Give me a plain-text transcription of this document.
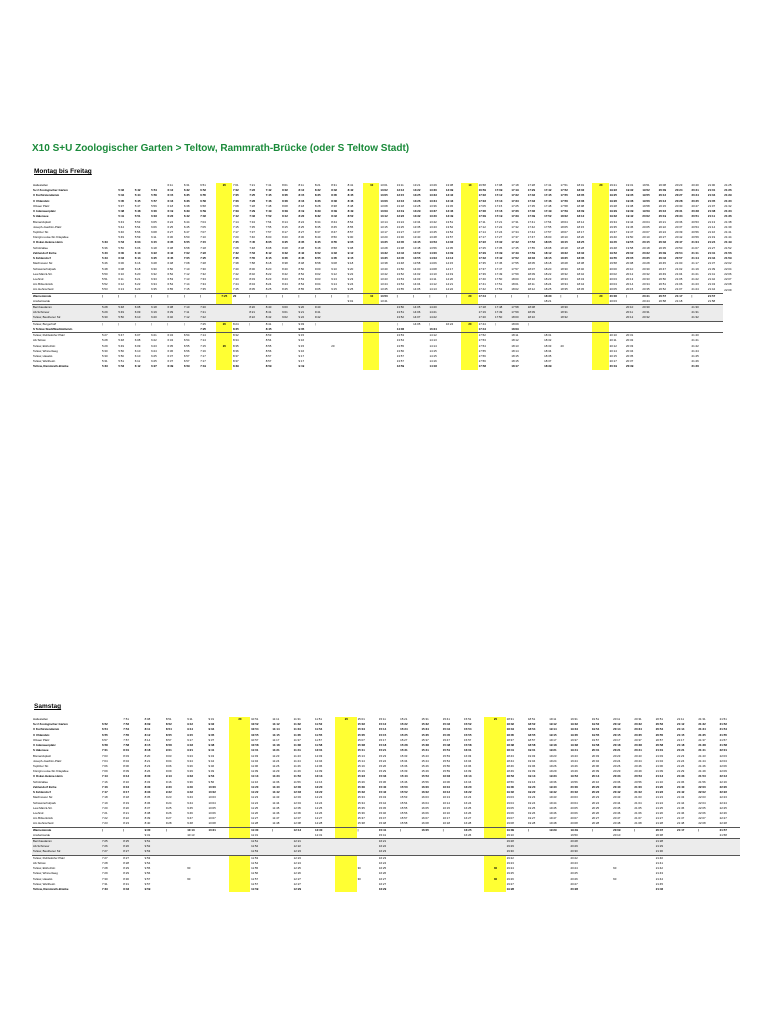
X10 S+U Zoologischer Garten > Teltow, Rammrath-Brücke (oder S Teltow Stadt)
Montag bis Freitag
Haltestellen					6:11	6:31	6:51	20	7:01	7:21	7:41	8:01	8:11	8:21	8:31	8:41	10	13:01	13:11	13:21	13:29	13:38	10	16:58	17:08	17:18	17:28	17:41	17:51	18:01	20	19:21	19:31	19:51	20:08	20:23	20:40	21:00	21:25
S+U Zoologischer Garten		5:32	5:42	5:54	6:12	6:32	6:52		7:02	7:22	7:42	8:02	8:12	8:22	8:32	8:42		13:02	13:12	13:22	13:30	13:39		16:59	17:09	17:19	17:29	17:42	17:52	18:02		19:22	19:32	19:52	20:09	20:24	20:41	21:01	21:26
U Kurfürstendamm		5:34	5:44	5:56	6:15	6:35	6:55		7:05	7:25	7:45	8:05	8:15	8:25	8:35	8:45		13:05	13:15	13:25	13:33	13:42		17:02	17:12	17:22	17:32	17:45	17:55	18:05		19:25	19:35	19:55	20:12	20:27	20:44	21:04	21:29
U Uhlandstr.		5:35	5:45	5:57	6:16	6:36	6:56		7:06	7:26	7:46	8:06	8:16	8:26	8:36	8:46		13:06	13:16	13:26	13:34	13:43		17:03	17:13	17:23	17:33	17:46	17:56	18:06		19:26	19:36	19:56	20:13	20:28	20:45	21:05	21:30
Olivaer Platz		5:37	5:47	5:59	6:18	6:38	6:58		7:08	7:28	7:48	8:08	8:18	8:28	8:38	8:48		13:08	13:18	13:28	13:36	13:45		17:05	17:15	17:25	17:35	17:48	17:58	18:08		19:28	19:38	19:58	20:15	20:30	20:47	21:07	21:32
U Adenauerplatz		5:38	5:48	6:00	6:19	6:39	6:59		7:09	7:29	7:49	8:09	8:19	8:29	8:39	8:49		13:09	13:19	13:29	13:37	13:46		17:06	17:16	17:26	17:36	17:49	17:59	18:09		19:29	19:39	19:59	20:16	20:31	20:48	21:08	21:33
S Halensee		5:41	5:51	6:03	6:22	6:42	7:02		7:12	7:32	7:52	8:12	8:22	8:32	8:42	8:52		13:12	13:22	13:32	13:40	13:49		17:09	17:19	17:29	17:39	17:52	18:02	18:12		19:32	19:42	20:02	20:19	20:34	20:51	21:11	21:36
Bismarckplatz		5:43	5:53	6:05	6:24	6:44	7:04		7:14	7:34	7:54	8:14	8:24	8:34	8:44	8:54		13:14	13:24	13:34	13:42	13:51		17:11	17:21	17:31	17:41	17:54	18:04	18:14		19:34	19:44	20:04	20:21	20:36	20:53	21:13	21:38
Joseph-Joachim-Platz		5:44	5:54	6:06	6:25	6:45	7:05		7:15	7:35	7:55	8:15	8:25	8:35	8:45	8:55		13:15	13:25	13:35	13:43	13:52		17:12	17:22	17:32	17:42	17:55	18:05	18:15		19:35	19:45	20:05	20:22	20:37	20:54	21:14	21:39
Teplitzer Str.		5:46	5:56	6:08	6:27	6:47	7:07		7:17	7:37	7:57	8:17	8:27	8:37	8:47	8:57		13:17	13:27	13:37	13:45	13:54		17:14	17:24	17:34	17:44	17:57	18:07	18:17		19:37	19:47	20:07	20:24	20:39	20:56	21:16	21:41
Königin-Luise-Str./Clayallee		5:49	5:59	6:11	6:30	6:50	7:10		7:20	7:40	8:00	8:20	8:30	8:40	8:50	9:00		13:20	13:30	13:40	13:48	13:57		17:17	17:27	17:37	17:47	18:00	18:10	18:20		19:40	19:50	20:10	20:27	20:42	20:59	21:19	21:44
U Oskar-Helene-Heim	5:33	5:53	6:03	6:15	6:35	6:55	7:15		7:25	7:45	8:05	8:25	8:35	8:45	8:55	9:05		13:25	13:35	13:45	13:53	14:02		17:22	17:32	17:42	17:52	18:05	18:15	18:25		19:45	19:55	20:15	20:32	20:47	21:04	21:24	21:49
Schützallee	5:36	5:56	6:06	6:18	6:38	6:58	7:18		7:28	7:48	8:08	8:28	8:38	8:48	8:58	9:08		13:28	13:38	13:48	13:56	14:05		17:25	17:35	17:45	17:55	18:08	18:18	18:28		19:48	19:58	20:18	20:35	20:50	21:07	21:27	21:52
Zehlendorf Eiche	5:40	6:00	6:10	6:22	6:42	7:02	7:22		7:32	7:52	8:12	8:32	8:42	8:52	9:02	9:12		13:32	13:42	13:52	14:00	14:09		17:29	17:39	17:49	17:59	18:12	18:22	18:32		19:52	20:02	20:22	20:39	20:54	21:11	21:31	21:56
S Zehlendorf	5:43	6:03	6:13	6:25	6:45	7:05	7:25		7:35	7:55	8:15	8:35	8:45	8:55	9:05	9:15		13:35	13:45	13:55	14:03	14:12		17:32	17:42	17:52	18:02	18:15	18:25	18:35		19:55	20:05	20:25	20:42	20:57	21:14	21:34	21:59
Machnower Str.	5:46	6:06	6:16	6:28	6:48	7:08	7:28		7:38	7:58	8:18	8:38	8:48	8:58	9:08	9:18		13:38	13:48	13:58	14:06	14:15		17:35	17:45	17:55	18:05	18:18	18:28	18:38		19:58	20:08	20:28	20:45	21:00	21:17	21:37	22:02
Schweizerhofpark	5:48	6:08	6:18	6:30	6:50	7:10	7:30		7:40	8:00	8:20	8:40	8:50	9:00	9:10	9:20		13:40	13:50	14:00	14:08	14:17		17:37	17:47	17:57	18:07	18:20	18:30	18:40		20:00	20:10	20:30	20:47	21:02	21:19	21:39	22:04
Lew-Marck-Str.	5:50	6:10	6:20	6:32	6:52	7:12	7:32		7:42	8:02	8:22	8:42	8:52	9:02	9:12	9:22		13:42	13:52	14:02	14:10	14:19		17:39	17:49	17:59	18:09	18:22	18:32	18:42		20:02	20:12	20:32	20:49	21:04	21:21	21:41	22:06
Loehrstr.	5:51	6:11	6:21	6:33	6:53	7:13	7:33		7:43	8:03	8:23	8:43	8:53	9:03	9:13	9:23		13:43	13:53	14:03	14:11	14:20		17:40	17:50	18:00	18:10	18:23	18:33	18:43		20:03	20:13	20:33	20:50	21:05	21:22	21:42	22:07
Am Birkenknick	5:52	6:12	6:22	6:34	6:54	7:14	7:34		7:44	8:04	8:24	8:44	8:54	9:04	9:14	9:24		13:44	13:54	14:04	14:12	14:21		17:41	17:51	18:01	18:11	18:24	18:34	18:44		20:04	20:14	20:34	20:51	21:06	21:23	21:43	22:08
Am Hehnscheid	5:53	6:13	6:23	6:35	6:55	7:15	7:35		7:45	8:05	8:25	8:45	8:55	9:05	9:15	9:25		13:45	13:55	14:05	14:13	14:22		17:42	17:52	18:02	18:12	18:25	18:35	18:45		20:05	20:15	20:35	20:52	21:07	21:24	21:44	22:09
Warnemünde	|	|	|	|	|	|	|	7:25	20	|	|	|	|	|	|	|	10	13:50	|	|	|	|	20	17:44	|	|	|	18:30	|	|	20	20:06	|	20:41	20:57	21:17	|	21:57	
Ansbelmarde																9:01		13:41										18:21				20:03		20:44	20:58	21:18		21:58	
Bernbaudamm	5:28	5:48	6:08	6:18	6:38	7:10	7:20			8:20	8:40	9:00	9:20	9:40					13:50	14:05	14:20			17:18	17:48	17:58	18:08		18:30				20:10	20:30			21:30		
Alt-Schönow	5:29	5:49	6:09	6:19	6:39	7:11	7:21			8:21	8:41	9:01	9:21	9:41					13:51	14:06	14:21			17:19	17:49	17:59	18:09		18:31				20:11	20:31			21:31		
Teltow, Beuthener Str.	5:30	5:50	6:10	6:20	6:40	7:12	7:22			8:22	8:42	9:02	9:22	9:42					13:52	14:07	14:22			17:20	17:50	18:00	18:10		18:32				20:12	20:32			21:32		
Teltow, Burgerhoff	|	|	|	|	|	|	7:25	20	8:24	|	8:41	|	9:03	|					|	14:05	|	16:24	20	17:44	|	18:09	|												
S Teltow Stadt/Stadtmittelstr.							7:25		8:25		8:45		9:05						14:06		16:24			17:44		18:09													
Teltow, Ruhlsdorfer Platz	5:27	5:47	6:07	6:21	6:34	6:54	7:14		8:32		8:53		9:15						13:53		14:12			17:52		18:11		18:31				20:10	20:31				21:40		
Alt-Teltow	5:28	5:48	6:08	6:22	6:34	6:54	7:14		8:34		8:54		9:16						13:54		14:13			17:53		18:12		18:32				20:11	20:32				21:41		
Teltow, Elsholzstr.	5:29	5:49	6:09	6:23	6:35	6:55	7:15	20	8:35		8:55		9:15		20				13:55		14:14			17:54		18:13		18:33	20			20:12	20:33				21:42		
Teltow, Winnertweg	5:30	5:50	6:10	6:24	6:36	6:56	7:16		8:36		8:56		9:16						13:56		14:15			17:55		18:14		18:34				20:14	20:34				21:44		
Teltow, Haselst.	5:30	5:50	6:10	6:25	6:37	6:57	7:17		8:37		8:57		9:17						13:57		14:15			17:56		18:15		18:35				20:15	20:35				21:45		
Teltow, Warthestr.	5:31	5:51	6:11	6:25	6:37	6:57	7:17		8:37		8:57		9:17						13:57		14:16			17:56		18:15		18:37				20:17	20:37				21:46		
Teltow, Rammrath-Brücke	5:33	5:53	6:12	6:27	6:39	6:59	7:19		8:39		8:59		9:19						13:59		14:18			17:58		18:17		18:39				20:19	20:39				21:46		
Samstag
Haltestellen		7:51	8:08	8:51	9:11	9:31	20	10:51	11:11	11:31	11:51	20	15:01	15:11	15:21	15:31	15:41	15:51	20	18:31	18:51	19:11	19:31	19:51	20:11	20:31	20:51	21:11	21:31	21:51
S+U Zoologischer Garten	6:52	7:52	8:09	8:52	9:12	9:32		10:52	11:12	11:32	11:52		15:02	15:12	15:22	15:32	15:42	15:52		18:32	18:52	19:12	19:32	19:52	20:12	20:32	20:52	21:12	21:32	21:52
U Kurfürstendamm	6:54	7:54	8:11	8:54	9:14	9:34		10:54	11:14	11:34	11:54		15:04	15:14	15:24	15:34	15:44	15:54		18:34	18:54	19:14	19:34	19:54	20:14	20:34	20:54	21:14	21:34	21:54
U Uhlandstr.	6:55	7:55	8:12	8:55	9:15	9:35		10:55	11:15	11:35	11:55		15:05	15:15	15:25	15:35	15:45	15:55		18:35	18:55	19:15	19:35	19:55	20:15	20:35	20:55	21:15	21:35	21:55
Olivaer Platz	6:57	7:57	8:14	8:57	9:17	9:37		10:57	11:17	11:37	11:57		15:07	15:17	15:27	15:37	15:47	15:57		18:37	18:57	19:17	19:37	19:57	20:17	20:37	20:57	21:17	21:37	21:57
U Adenauerplatz	6:58	7:58	8:15	8:58	9:18	9:38		10:58	11:18	11:38	11:58		15:08	15:18	15:28	15:38	15:48	15:58		18:38	18:58	19:18	19:38	19:58	20:18	20:38	20:58	21:18	21:38	21:58
S Halensee	7:01	8:01	8:18	9:01	9:21	9:41		11:01	11:21	11:41	12:01		15:11	15:21	15:31	15:41	15:51	16:01		18:41	19:01	19:21	19:41	20:01	20:21	20:41	21:01	21:21	21:41	22:01
Bismarckplatz	7:03	8:03	8:20	9:03	9:23	9:43		11:03	11:23	11:43	12:03		15:13	15:23	15:33	15:43	15:53	16:03		18:43	19:03	19:23	19:43	20:03	20:23	20:43	21:03	21:23	21:43	22:03
Joseph-Joachim-Platz	7:04	8:04	8:21	9:04	9:24	9:44		11:04	11:24	11:44	12:04		15:14	15:24	15:34	15:44	15:54	16:04		18:44	19:04	19:24	19:44	20:04	20:24	20:44	21:04	21:24	21:44	22:04
Teplitzer Str.	7:06	8:06	8:23	9:06	9:26	9:46		11:06	11:26	11:46	12:06		15:16	15:26	15:36	15:46	15:56	16:06		18:46	19:06	19:26	19:46	20:06	20:26	20:46	21:06	21:26	21:46	22:06
Königin-Luise-Str./Clayallee	7:09	8:09	8:26	9:09	9:29	9:49		11:09	11:29	11:49	12:09		15:19	15:29	15:39	15:49	15:59	16:09		18:49	19:09	19:29	19:49	20:09	20:29	20:49	21:09	21:29	21:49	22:09
U Oskar-Helene-Heim	7:13	8:13	8:30	9:13	9:33	9:53		11:13	11:33	11:53	12:13		15:23	15:33	15:43	15:53	16:03	16:13		18:53	19:13	19:33	19:53	20:13	20:33	20:53	21:13	21:33	21:53	22:13
Schützallee	7:16	8:16	8:33	9:16	9:36	9:56		11:16	11:36	11:56	12:16		15:26	15:36	15:46	15:56	16:06	16:16		18:56	19:16	19:36	19:56	20:16	20:36	20:56	21:16	21:36	21:56	22:16
Zehlendorf Eiche	7:16	8:16	8:30	9:20	9:40	10:00		11:20	11:40	12:00	12:20		15:30	15:40	15:50	16:00	16:10	16:20		19:00	19:20	19:40	20:00	20:20	20:40	21:00	21:20	21:40	22:00	22:20
S Zehlendorf	7:17	8:17	8:33	9:22	9:42	10:02		11:22	11:42	12:02	12:22		15:32	15:42	15:52	16:02	16:12	16:22		19:02	19:22	19:42	20:02	20:22	20:42	21:02	21:22	21:42	22:02	22:22
Machnower Str.	7:18	8:18	8:35	9:23	9:43	10:03		11:23	11:43	12:03	12:23		15:33	15:43	15:53	16:03	16:13	16:23		19:03	19:23	19:43	20:03	20:23	20:43	21:03	21:23	21:43	22:03	22:23
Schweizerhofpark	7:19	8:19	8:36	9:24	9:44	10:04		11:24	11:44	12:04	12:24		15:34	15:44	15:54	16:04	16:14	16:24		19:04	19:24	19:44	20:04	20:24	20:44	21:04	21:24	21:44	22:04	22:24
Lew-Marck-Str.	7:20	8:20	8:37	9:25	9:45	10:05		11:25	11:45	12:05	12:25		15:35	15:45	15:55	16:05	16:15	16:25		19:05	19:25	19:45	20:05	20:25	20:45	21:05	21:25	21:45	22:05	22:25
Loehrstr.	7:21	8:21	8:38	9:26	9:46	10:06		11:26	11:46	12:06	12:26		15:36	15:46	15:56	16:06	16:16	16:26		19:06	19:26	19:46	20:06	20:26	20:46	21:06	21:26	21:46	22:06	22:26
Am Birkenknick	7:22	8:22	8:39	9:27	9:47	10:07		11:27	11:47	12:07	12:27		15:37	15:47	15:57	16:07	16:17	16:27		19:07	19:27	19:47	20:07	20:27	20:47	21:07	21:27	21:47	22:07	22:27
Am Hehnscheid	7:23	8:23	8:40	9:28	9:48	10:08		11:28	11:48	12:08	12:28		15:38	15:48	15:58	16:08	16:18	16:28		19:08	19:28	19:48	20:08	20:28	20:48	21:08	21:28	21:48	22:08	22:28
Warnemünde	|	|	9:30	|	10:13	10:21		11:30	|	12:13	12:30		|	15:41	|	16:05	|	16:25		19:09	|	19:29	19:49	|	20:09	|	20:37	21:17	|	21:57
Ansbelmarde			9:31		10:13			11:31			12:31			15:41				16:26		19:10			19:50		20:10		20:38			21:58
Bernbaudamm	7:25	8:25	9:51					11:51		12:21				16:21						19:28			20:28				21:28			
Alt-Schönow	7:26	8:26	9:52					11:52		12:22				16:22						19:29			20:29				21:29			
Teltow, Beuthener Str.	7:27	8:27	9:53					11:53		12:23				16:23						19:30			20:30				21:30			
Teltow, Ruhlsdorfer Platz	7:27	8:27	9:53					11:53		12:23				16:23						19:22			20:22				21:40			
Alt-Teltow	7:28	8:28	9:54					11:54		12:24				16:24						19:23			20:23				21:41			
Teltow, Elsholzstr.	7:28	8:29	9:55		60			11:55		12:25			30	16:25					30	19:24			20:24		60		21:42			
Teltow, Winnertweg	7:29	8:29	9:56					11:56		12:26				16:26						19:25			20:25				21:43			
Teltow, Haselst.	7:30	8:30	9:57		60			11:57		12:27			30	16:27					30	19:26			20:26		60		21:44			
Teltow, Warthestr.	7:31	8:31	9:57					11:57		12:27				16:27						19:27			20:27				21:45			
Teltow, Rammrath-Brücke	7:33	8:33	9:59					11:59		12:29				16:29						19:28			20:28				21:46			
